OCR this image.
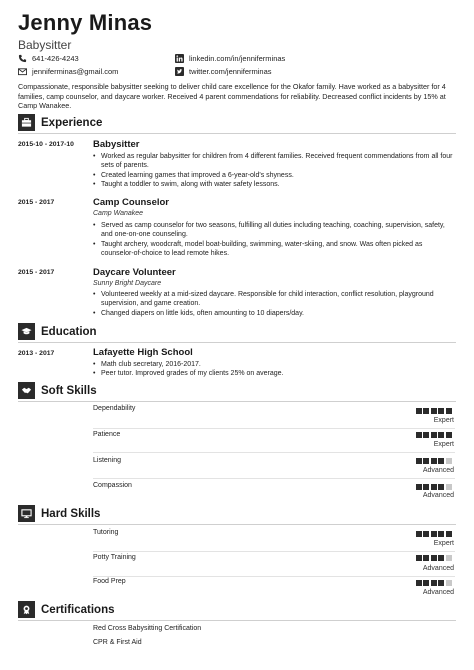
Jenny Minas
Babysitter
641-426-4243
jenniferminas@gmail.com
linkedin.com/in/jenniferminas
twitter.com/jenniferminas
Compassionate, responsible babysitter seeking to deliver child care excellence for the Okafor family. Have worked as a babysitter for 4 families, camp counselor, and daycare worker. Received 4 parent commendations for reliability. Decreased conflict incidents by 15% at Camp Wanakee.
Experience
2015-10 - 2017-10 Babysitter
• Worked as regular babysitter for children from 4 different families. Received frequent commendations from all four sets of parents.
• Created learning games that improved a 6-year-old's shyness.
• Taught a toddler to swim, along with water safety lessons.
2015 - 2017	Camp Counselor
Camp Wanakee
• Served as camp counselor for two seasons, fulfilling all duties including teaching, coaching, supervision, safety, and one-on-one counseling.
• Taught archery, woodcraft, model boat-building, swimming, water-skiing, and snow. Was often picked as counselor-of-choice to lead remote hikes.
2015 - 2017	Daycare Volunteer
Sunny Bright Daycare
• Volunteered weekly at a mid-sized daycare. Responsible for child interaction, conflict resolution, playground supervision, and game creation.
• Changed diapers on little kids, often amounting to 10 diapers/day.
Education
2013 - 2017	Lafayette High School
• Math club secretary, 2016-2017.
• Peer tutor. Improved grades of my clients 25% on average.
Soft Skills
Dependability
Expert
Patience
Expert
Listening
Advanced
Compassion
Advanced
Hard Skills
Tutoring
Expert
Potty Training
Advanced
Food Prep
Advanced
Certifications
Red Cross Babysitting Certification
CPR & First Aid
